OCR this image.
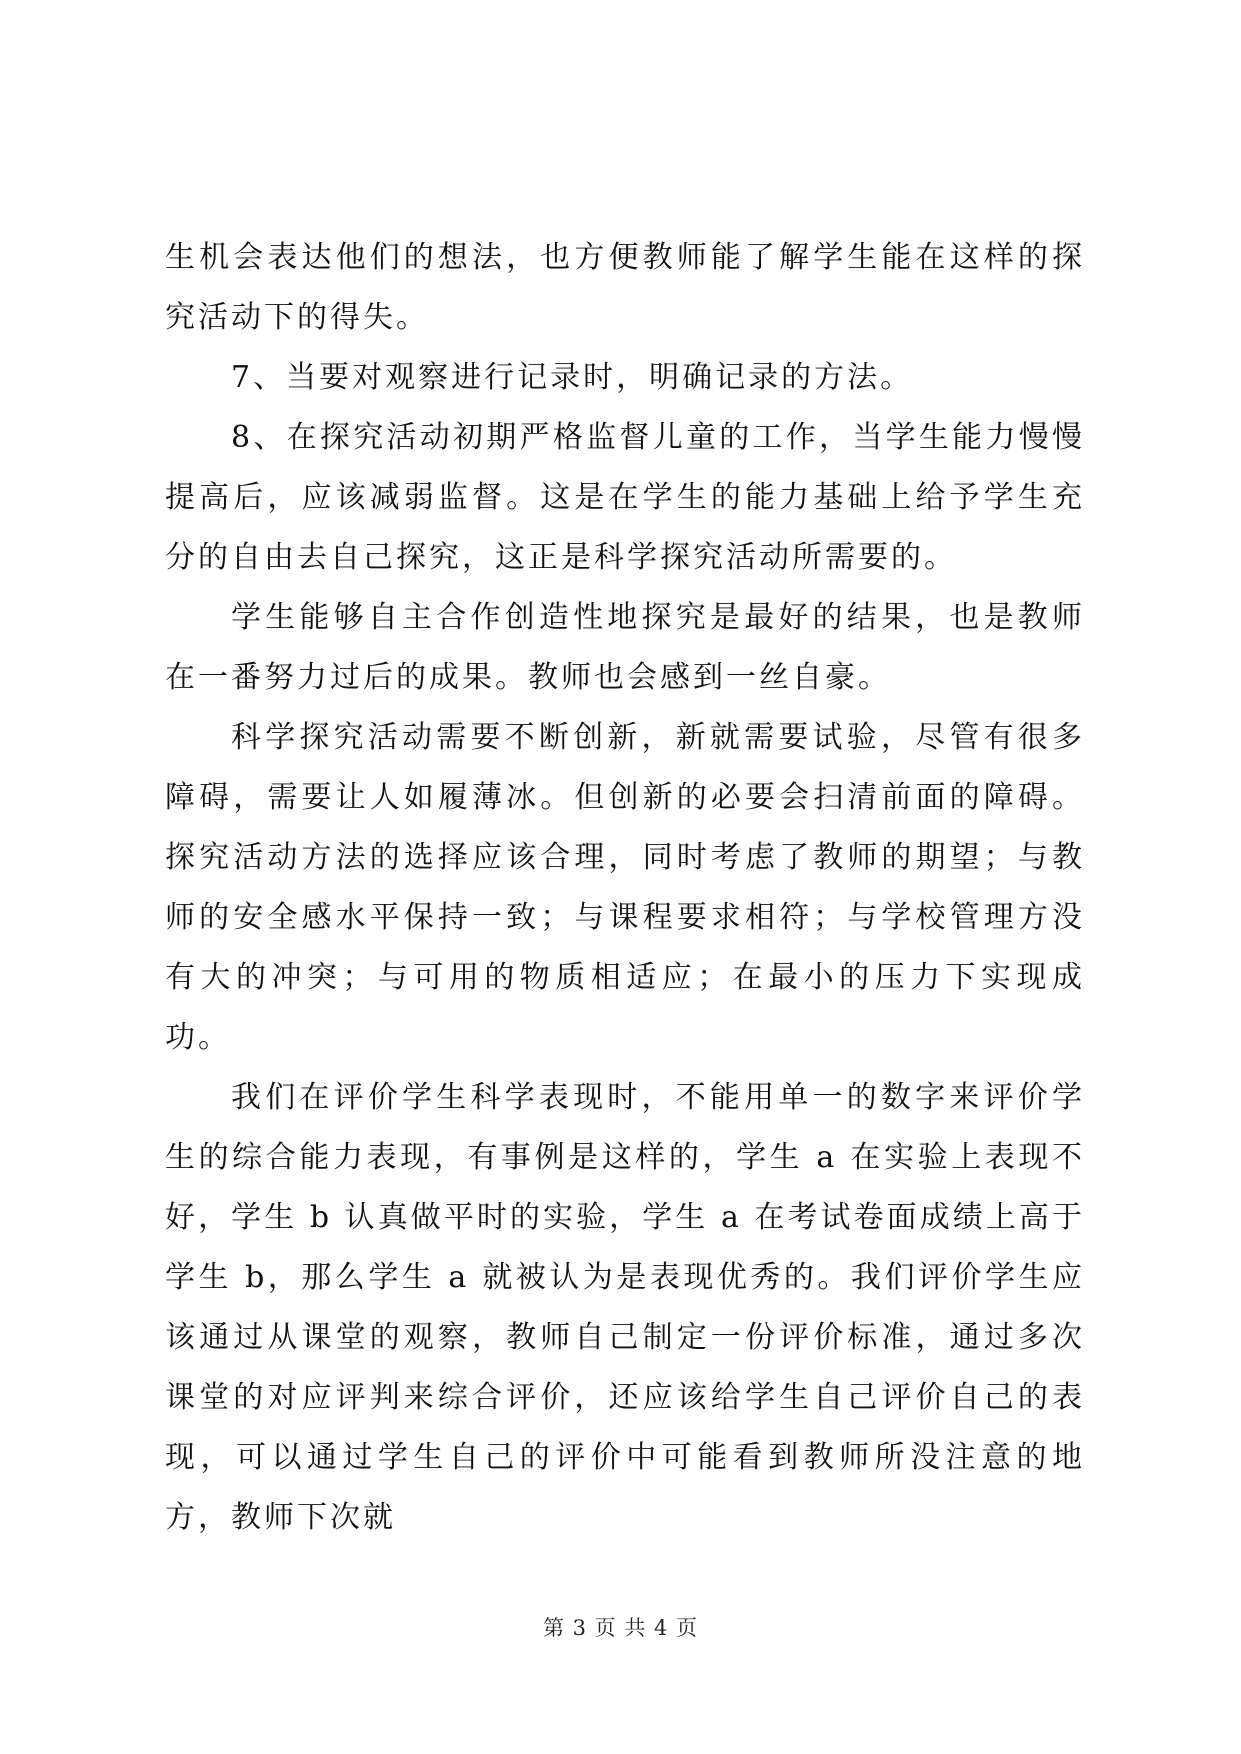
生机会表达他们的想法，也方便教师能了解学生能在这样的探究活动下的得失。

7、当要对观察进行记录时，明确记录的方法。

8、在探究活动初期严格监督儿童的工作，当学生能力慢慢提高后，应该减弱监督。这是在学生的能力基础上给予学生充分的自由去自己探究，这正是科学探究活动所需要的。

学生能够自主合作创造性地探究是最好的结果，也是教师在一番努力过后的成果。教师也会感到一丝自豪。

科学探究活动需要不断创新，新就需要试验，尽管有很多障碍，需要让人如履薄冰。但创新的必要会扫清前面的障碍。探究活动方法的选择应该合理，同时考虑了教师的期望；与教师的安全感水平保持一致；与课程要求相符；与学校管理方没有大的冲突；与可用的物质相适应；在最小的压力下实现成功。

我们在评价学生科学表现时，不能用单一的数字来评价学生的综合能力表现，有事例是这样的，学生 a 在实验上表现不好，学生 b 认真做平时的实验，学生 a 在考试卷面成绩上高于学生 b，那么学生 a 就被认为是表现优秀的。我们评价学生应该通过从课堂的观察，教师自己制定一份评价标准，通过多次课堂的对应评判来综合评价，还应该给学生自己评价自己的表现，可以通过学生自己的评价中可能看到教师所没注意的地方，教师下次就

第 3 页 共 4 页
